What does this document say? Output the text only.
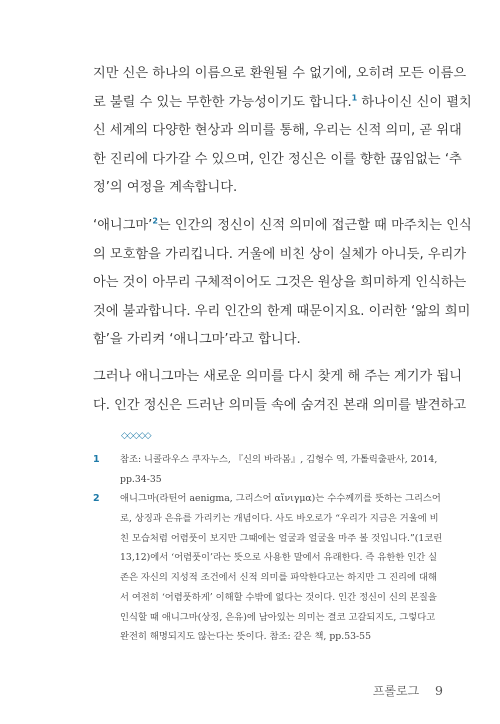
지만 신은 하나의 이름으로 환원될 수 없기에, 오히려 모든 이름으
로 불릴 수 있는 무한한 가능성이기도 합니다.$^1$ 하나이신 신이 펼치
신 세계의 다양한 현상과 의미를 통해, 우리는 신적 의미, 곧 위대
한 진리에 다가갈 수 있으며, 인간 정신은 이를 향한 끊임없는 ‘추
정’의 여정을 계속합니다.
‘애니그마’$^2$는 인간의 정신이 신적 의미에 접근할 때 마주치는 인식
의 모호함을 가리킵니다. 거울에 비친 상이 실체가 아니듯, 우리가
아는 것이 아무리 구체적이어도 그것은 원상을 희미하게 인식하는
것에 불과합니다. 우리 인간의 한계 때문이지요. 이러한 ‘앎의 희미
함’을 가리켜 ‘애니그마’라고 합니다.
그러나 애니그마는 새로운 의미를 다시 찾게 해 주는 계기가 됩니
다. 인간 정신은 드러난 의미들 속에 숨겨진 본래 의미를 발견하고
◇◇◇◇◇
1 참조: 니콜라우스 쿠자누스, 『신의 바라봄』, 김형수 역, 가톨릭출판사, 2014,
pp.34-35
2 애니그마(라틴어 aenigma, 그리스어 αἴνιγμα)는 수수께끼를 뜻하는 그리스어
로, 상징과 은유를 가리키는 개념이다. 사도 바오로가 “우리가 지금은 거울에 비
친 모습처럼 어렴풋이 보지만 그때에는 얼굴과 얼굴을 마주 볼 것입니다.”(1코린
13,12)에서 ‘어렴풋이’라는 뜻으로 사용한 말에서 유래한다. 즉 유한한 인간 실
존은 자신의 지성적 조건에서 신적 의미를 파악한다고는 하지만 그 진리에 대해
서 여전히 ‘어렴풋하게’ 이해할 수밖에 없다는 것이다. 인간 정신이 신의 본질을
인식할 때 애니그마(상징, 은유)에 남아있는 의미는 결코 고갈되지도, 그렇다고
완전히 해명되지도 않는다는 뜻이다. 참조: 같은 책, pp.53-55
프롤로그 9
